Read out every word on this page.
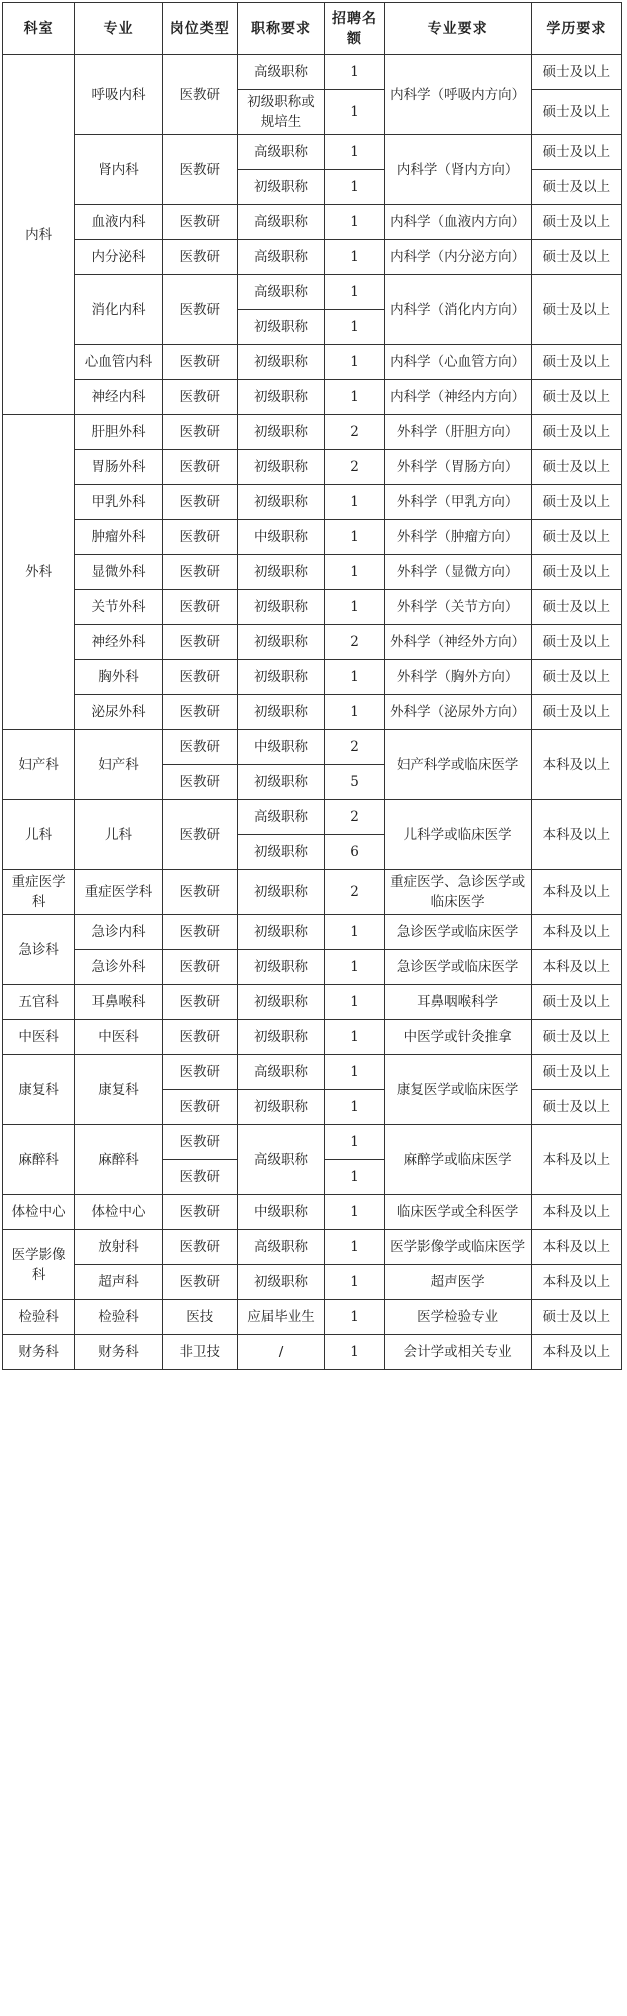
科室	专业	岗位类型	职称要求	招聘名额	专业要求	学历要求
内科	呼吸内科	医教研	高级职称	1	内科学（呼吸内方向）	硕士及以上
			初级职称或规培生	1		硕士及以上
	肾内科	医教研	高级职称	1	内科学（肾内方向）	硕士及以上
			初级职称	1		硕士及以上
	血液内科	医教研	高级职称	1	内科学（血液内方向）	硕士及以上
	内分泌科	医教研	高级职称	1	内科学（内分泌方向）	硕士及以上
	消化内科	医教研	高级职称	1	内科学（消化内方向）	硕士及以上
			初级职称	1		
	心血管内科	医教研	初级职称	1	内科学（心血管方向）	硕士及以上
	神经内科	医教研	初级职称	1	内科学（神经内方向）	硕士及以上
外科	肝胆外科	医教研	初级职称	2	外科学（肝胆方向）	硕士及以上
	胃肠外科	医教研	初级职称	2	外科学（胃肠方向）	硕士及以上
	甲乳外科	医教研	初级职称	1	外科学（甲乳方向）	硕士及以上
	肿瘤外科	医教研	中级职称	1	外科学（肿瘤方向）	硕士及以上
	显微外科	医教研	初级职称	1	外科学（显微方向）	硕士及以上
	关节外科	医教研	初级职称	1	外科学（关节方向）	硕士及以上
	神经外科	医教研	初级职称	2	外科学（神经外方向）	硕士及以上
	胸外科	医教研	初级职称	1	外科学（胸外方向）	硕士及以上
	泌尿外科	医教研	初级职称	1	外科学（泌尿外方向）	硕士及以上
妇产科	妇产科	医教研	中级职称	2	妇产科学或临床医学	本科及以上
		医教研	初级职称	5		
儿科	儿科	医教研	高级职称	2	儿科学或临床医学	本科及以上
			初级职称	6		
重症医学科	重症医学科	医教研	初级职称	2	重症医学、急诊医学或临床医学	本科及以上
急诊科	急诊内科	医教研	初级职称	1	急诊医学或临床医学	本科及以上
	急诊外科	医教研	初级职称	1	急诊医学或临床医学	本科及以上
五官科	耳鼻喉科	医教研	初级职称	1	耳鼻咽喉科学	硕士及以上
中医科	中医科	医教研	初级职称	1	中医学或针灸推拿	硕士及以上
康复科	康复科	医教研	高级职称	1	康复医学或临床医学	硕士及以上
		医教研	初级职称	1		硕士及以上
麻醉科	麻醉科	医教研	高级职称	1	麻醉学或临床医学	本科及以上
		医教研		1		
体检中心	体检中心	医教研	中级职称	1	临床医学或全科医学	本科及以上
医学影像科	放射科	医教研	高级职称	1	医学影像学或临床医学	本科及以上
	超声科	医教研	初级职称	1	超声医学	本科及以上
检验科	检验科	医技	应届毕业生	1	医学检验专业	硕士及以上
财务科	财务科	非卫技	/	1	会计学或相关专业	本科及以上
